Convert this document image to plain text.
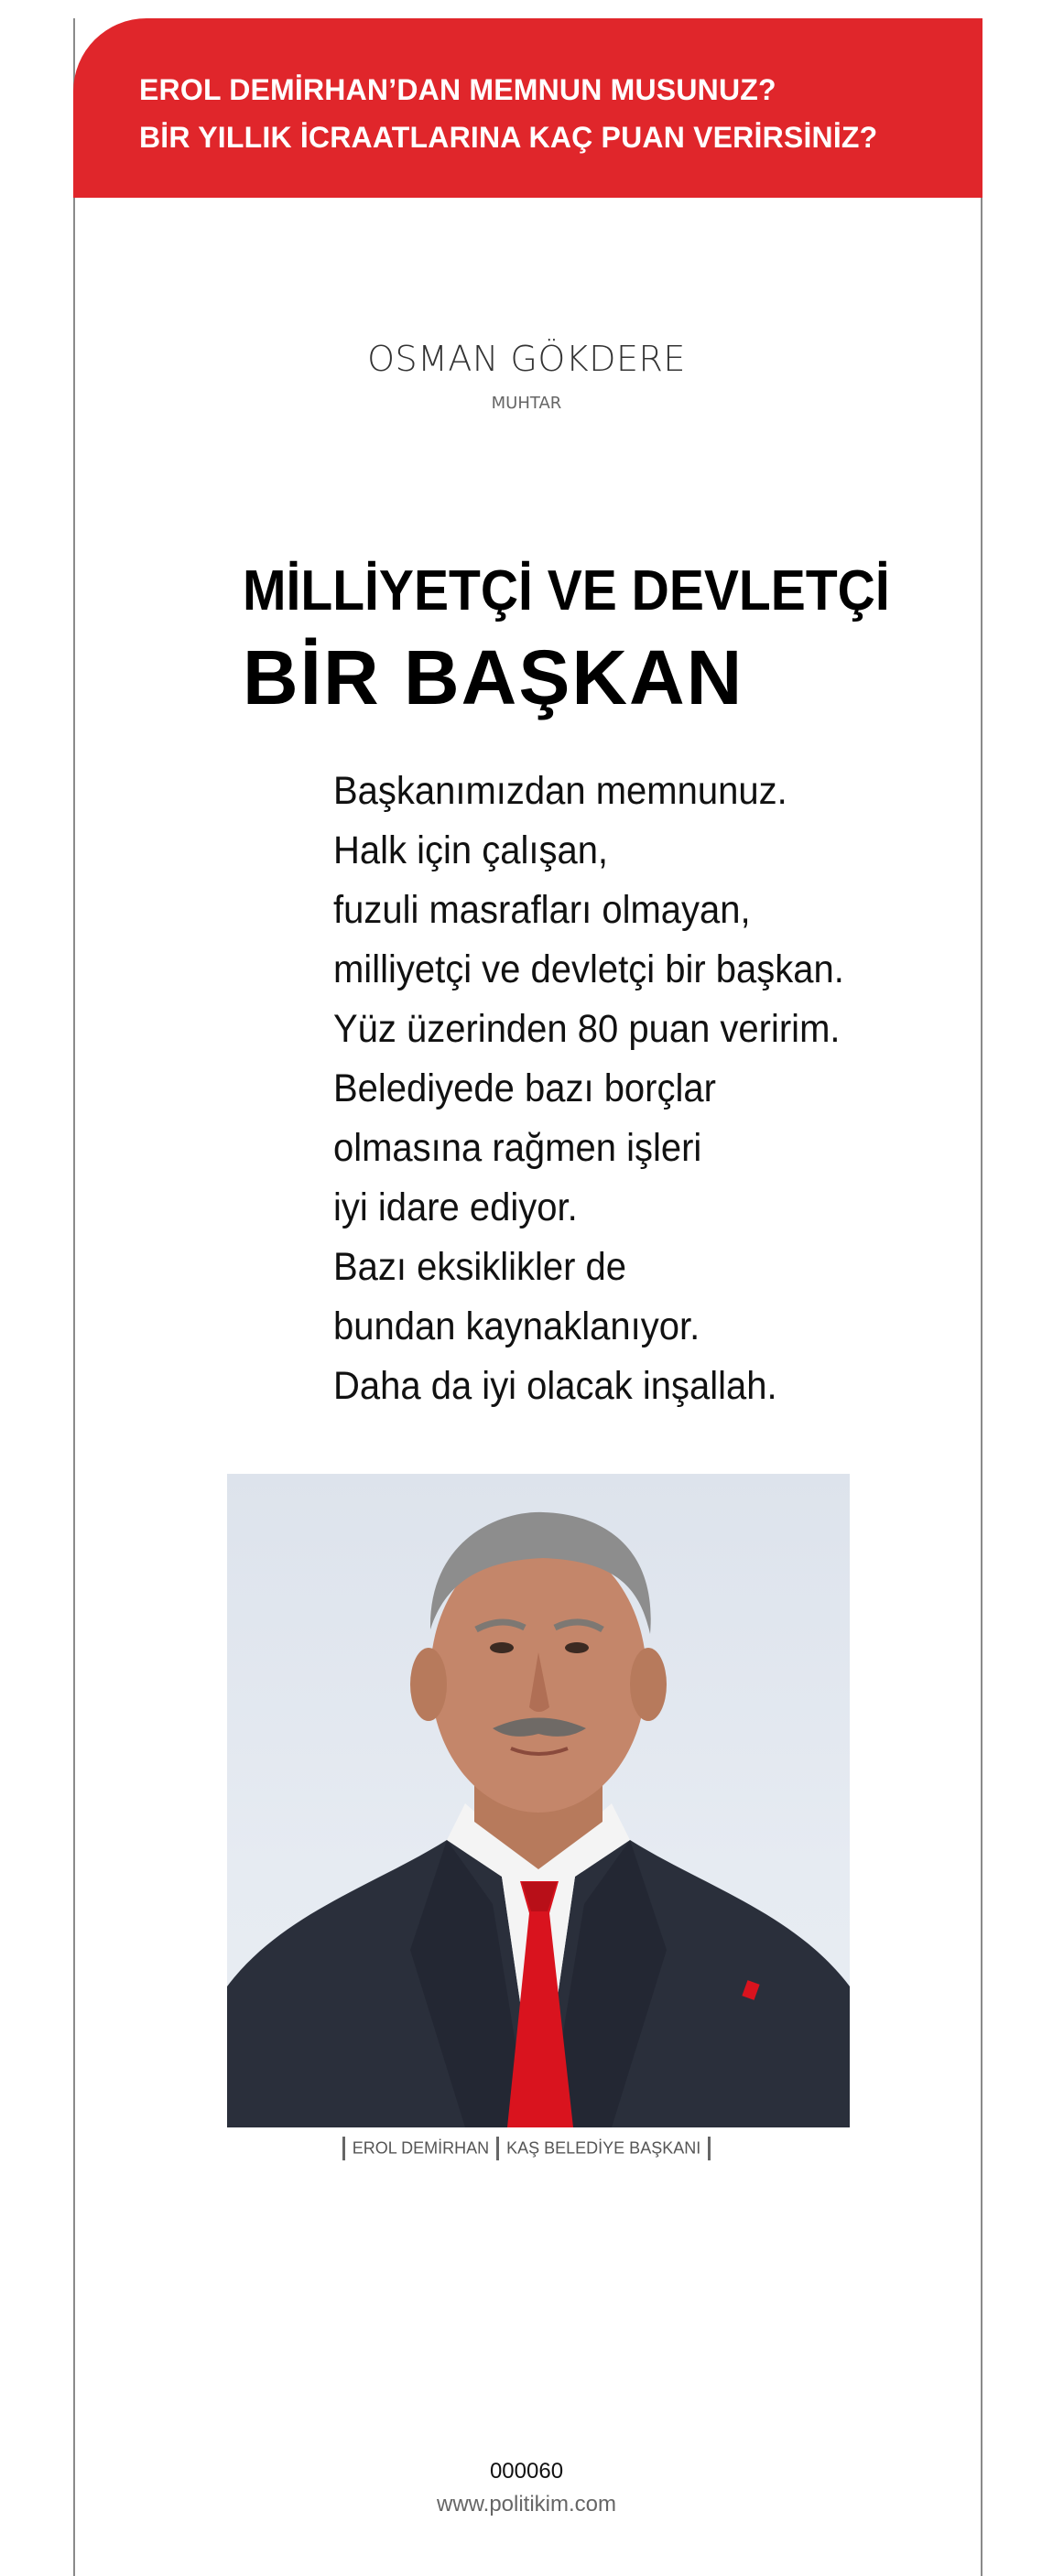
EROL DEMİRHAN’DAN MEMNUN MUSUNUZ?
BİR YILLIK İCRAATLARINA KAÇ PUAN VERİRSİNİZ?
OSMAN GÖKDERE
MUHTAR
MİLLİYETÇİ VE DEVLETÇİ
BİR BAŞKAN
Başkanımızdan memnunuz.
Halk için çalışan,
fuzuli masrafları olmayan,
milliyetçi ve devletçi bir başkan.
Yüz üzerinden 80 puan veririm.
Belediyede bazı borçlar
olmasına rağmen işleri
iyi idare ediyor.
Bazı eksiklikler de
bundan kaynaklanıyor.
Daha da iyi olacak inşallah.
EROL DEMİRHAN KAŞ BELEDİYE BAŞKANI
000060
www.politikim.com
